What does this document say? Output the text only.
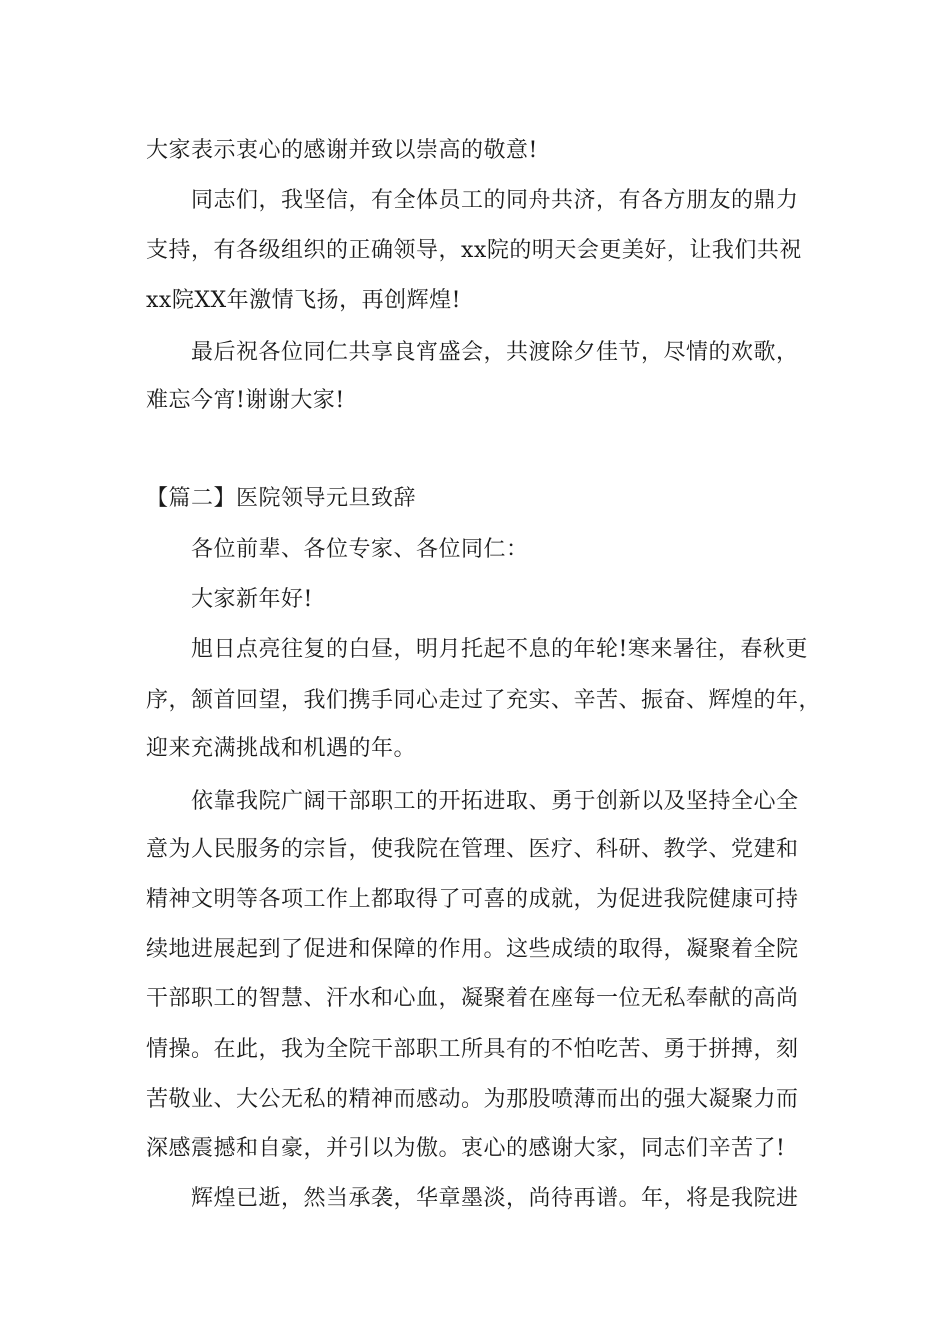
大家表示衷心的感谢并致以崇高的敬意!
同志们，我坚信，有全体员工的同舟共济，有各方朋友的鼎力
支持，有各级组织的正确领导，xx院的明天会更美好，让我们共祝
xx院XX年激情飞扬，再创辉煌!
最后祝各位同仁共享良宵盛会，共渡除夕佳节，尽情的欢歌，
难忘今宵!谢谢大家!
【篇二】医院领导元旦致辞
各位前辈、各位专家、各位同仁：
大家新年好!
旭日点亮往复的白昼，明月托起不息的年轮!寒来暑往，春秋更
序，颔首回望，我们携手同心走过了充实、辛苦、振奋、辉煌的年，
迎来充满挑战和机遇的年。
依靠我院广阔干部职工的开拓进取、勇于创新以及坚持全心全
意为人民服务的宗旨，使我院在管理、医疗、科研、教学、党建和
精神文明等各项工作上都取得了可喜的成就，为促进我院健康可持
续地进展起到了促进和保障的作用。这些成绩的取得，凝聚着全院
干部职工的智慧、汗水和心血，凝聚着在座每一位无私奉献的高尚
情操。在此，我为全院干部职工所具有的不怕吃苦、勇于拼搏，刻
苦敬业、大公无私的精神而感动。为那股喷薄而出的强大凝聚力而
深感震撼和自豪，并引以为傲。衷心的感谢大家，同志们辛苦了!
辉煌已逝，然当承袭，华章墨淡，尚待再谱。年，将是我院进
